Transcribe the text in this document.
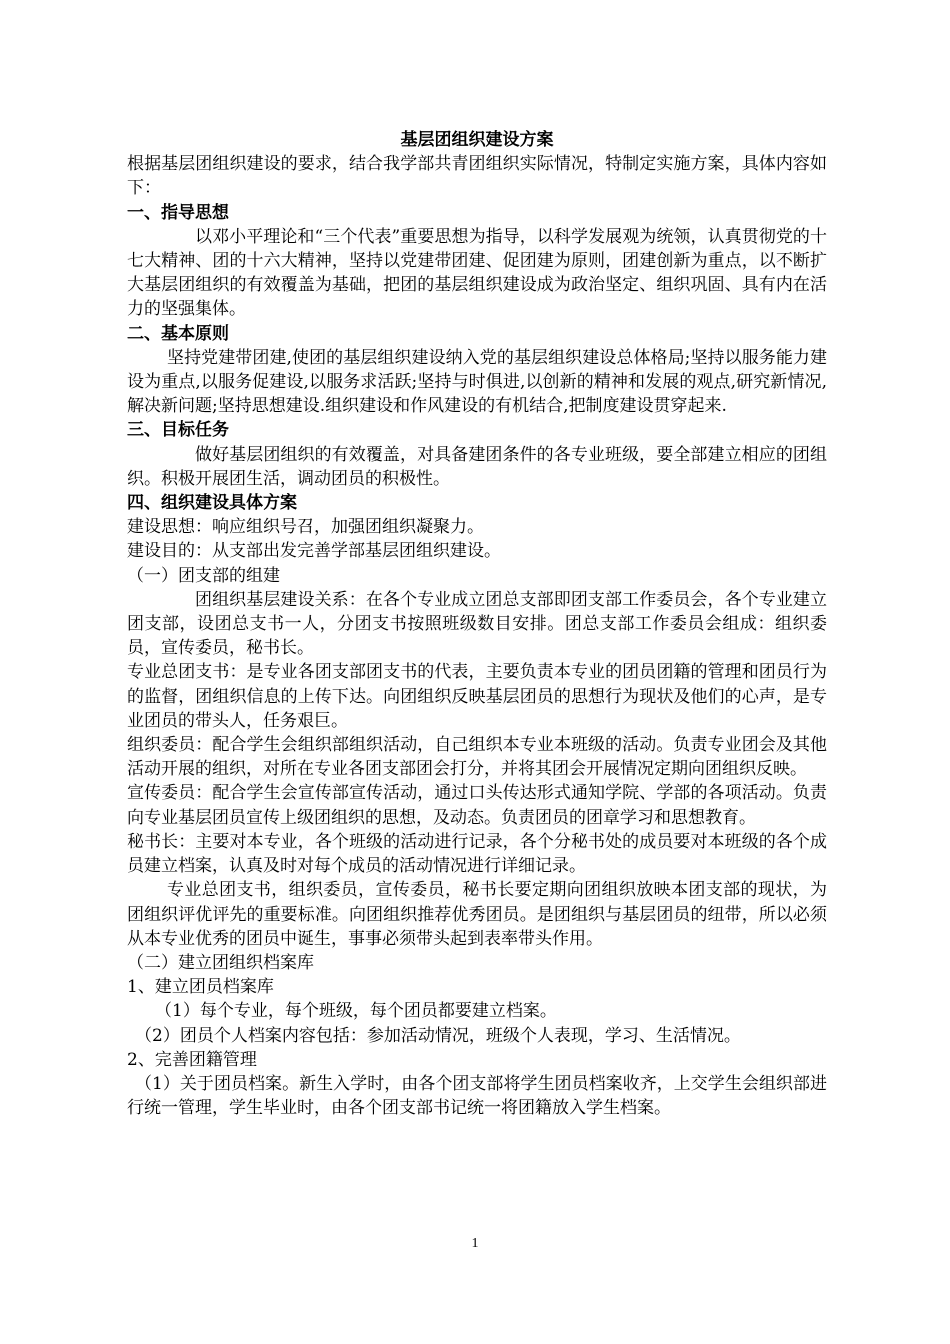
基层团组织建设方案

根据基层团组织建设的要求，结合我学部共青团组织实际情况，特制定实施方案，具体内容如下：

一、指导思想

以邓小平理论和“三个代表”重要思想为指导，以科学发展观为统领，认真贯彻党的十七大精神、团的十六大精神，坚持以党建带团建、促团建为原则，团建创新为重点，以不断扩大基层团组织的有效覆盖为基础，把团的基层组织建设成为政治坚定、组织巩固、具有内在活力的坚强集体。

二、基本原则

坚持党建带团建,使团的基层组织建设纳入党的基层组织建设总体格局;坚持以服务能力建设为重点,以服务促建设,以服务求活跃;坚持与时俱进,以创新的精神和发展的观点,研究新情况,解决新问题;坚持思想建设.组织建设和作风建设的有机结合,把制度建设贯穿起来.

三、目标任务

做好基层团组织的有效覆盖，对具备建团条件的各专业班级，要全部建立相应的团组织。积极开展团生活，调动团员的积极性。

四、组织建设具体方案

建设思想：响应组织号召，加强团组织凝聚力。

建设目的：从支部出发完善学部基层团组织建设。

（一）团支部的组建

团组织基层建设关系：在各个专业成立团总支部即团支部工作委员会，各个专业建立团支部，设团总支书一人，分团支书按照班级数目安排。团总支部工作委员会组成：组织委员，宣传委员，秘书长。

专业总团支书：是专业各团支部团支书的代表，主要负责本专业的团员团籍的管理和团员行为的监督，团组织信息的上传下达。向团组织反映基层团员的思想行为现状及他们的心声，是专业团员的带头人，任务艰巨。

组织委员：配合学生会组织部组织活动，自己组织本专业本班级的活动。负责专业团会及其他活动开展的组织，对所在专业各团支部团会打分，并将其团会开展情况定期向团组织反映。

宣传委员：配合学生会宣传部宣传活动，通过口头传达形式通知学院、学部的各项活动。负责向专业基层团员宣传上级团组织的思想，及动态。负责团员的团章学习和思想教育。

秘书长：主要对本专业，各个班级的活动进行记录，各个分秘书处的成员要对本班级的各个成员建立档案，认真及时对每个成员的活动情况进行详细记录。

专业总团支书，组织委员，宣传委员，秘书长要定期向团组织放映本团支部的现状，为团组织评优评先的重要标准。向团组织推荐优秀团员。是团组织与基层团员的纽带，所以必须从本专业优秀的团员中诞生，事事必须带头起到表率带头作用。

（二）建立团组织档案库

1、建立团员档案库

（1）每个专业，每个班级，每个团员都要建立档案。

（2）团员个人档案内容包括：参加活动情况，班级个人表现，学习、生活情况。

2、完善团籍管理

（1）关于团员档案。新生入学时，由各个团支部将学生团员档案收齐，上交学生会组织部进行统一管理，学生毕业时，由各个团支部书记统一将团籍放入学生档案。

1
